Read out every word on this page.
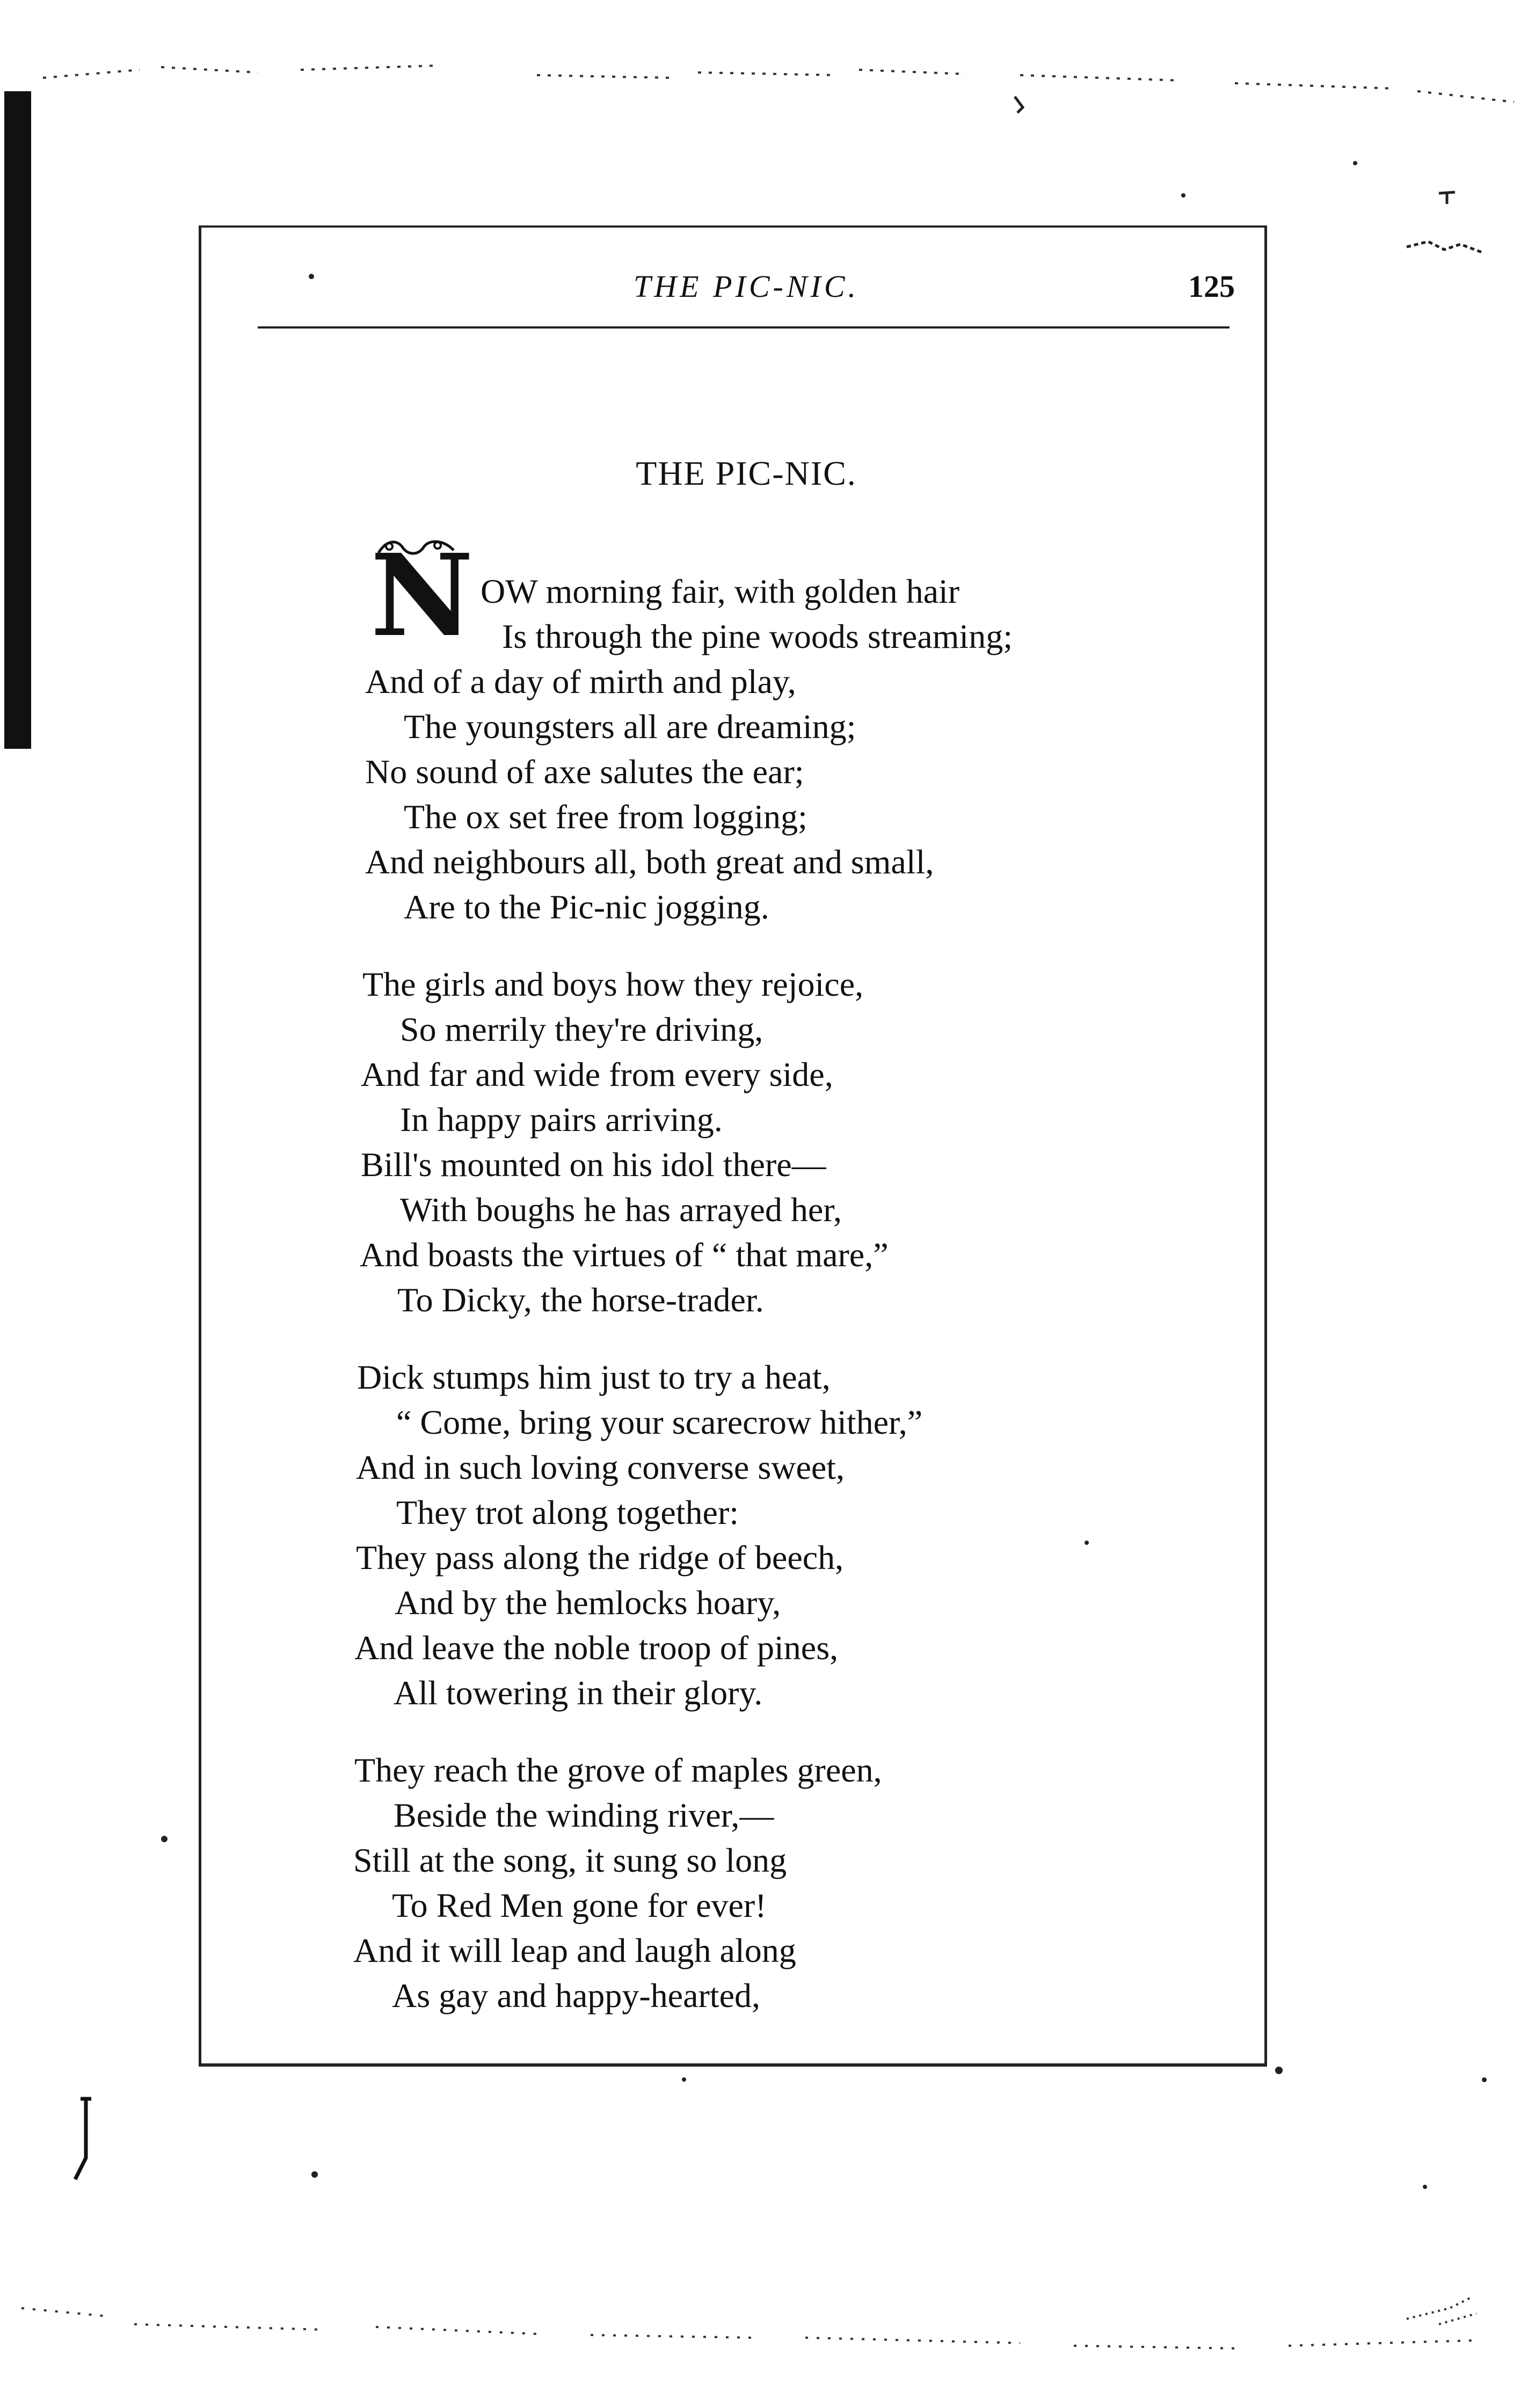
THE PIC-NIC.	125
THE PIC-NIC.
N OW morning fair, with golden hair
Is through the pine woods streaming;
And of a day of mirth and play,
The youngsters all are dreaming;
No sound of axe salutes the ear;
The ox set free from logging;
And neighbours all, both great and small,
Are to the Pic-nic jogging.
The girls and boys how they rejoice,
So merrily they're driving,
And far and wide from every side,
In happy pairs arriving.
Bill's mounted on his idol there—
With boughs he has arrayed her,
And boasts the virtues of “ that mare,”
To Dicky, the horse-trader.
Dick stumps him just to try a heat,
“ Come, bring your scarecrow hither,”
And in such loving converse sweet,
They trot along together:
They pass along the ridge of beech,
And by the hemlocks hoary,
And leave the noble troop of pines,
All towering in their glory.
They reach the grove of maples green,
Beside the winding river,—
Still at the song, it sung so long
To Red Men gone for ever!
And it will leap and laugh along
As gay and happy-hearted,
